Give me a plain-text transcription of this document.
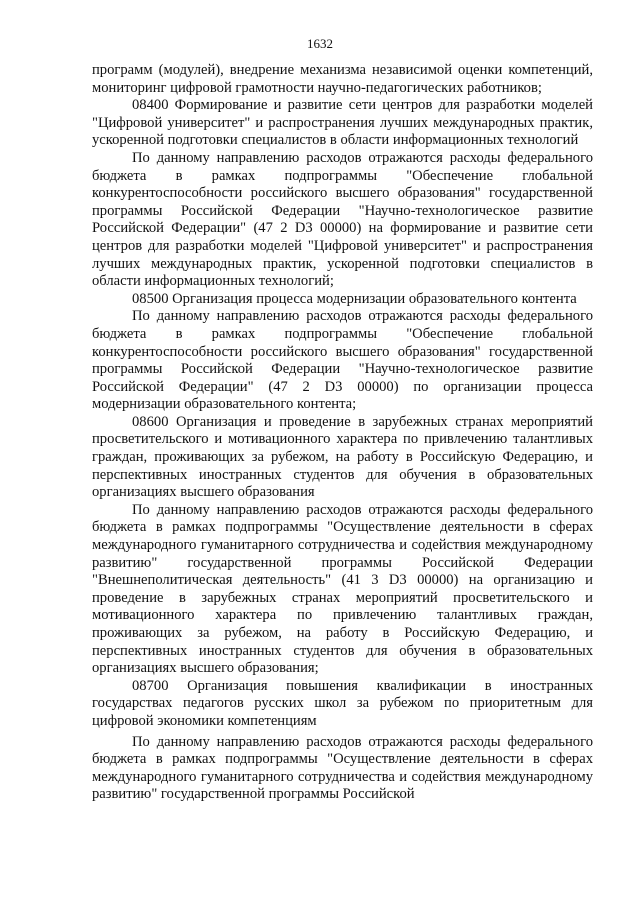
1632

программ (модулей), внедрение механизма независимой оценки компетенций, мониторинг цифровой грамотности научно-педагогических работников;

08400 Формирование и развитие сети центров для разработки моделей "Цифровой университет" и распространения лучших международных практик, ускоренной подготовки специалистов в области информационных технологий

По данному направлению расходов отражаются расходы федерального бюджета в рамках подпрограммы "Обеспечение глобальной конкурентоспособности российского высшего образования" государственной программы Российской Федерации "Научно-технологическое развитие Российской Федерации" (47 2 D3 00000) на формирование и развитие сети центров для разработки моделей "Цифровой университет" и распространения лучших международных практик, ускоренной подготовки специалистов в области информационных технологий;

08500 Организация процесса модернизации образовательного контента

По данному направлению расходов отражаются расходы федерального бюджета в рамках подпрограммы "Обеспечение глобальной конкурентоспособности российского высшего образования" государственной программы Российской Федерации "Научно-технологическое развитие Российской Федерации" (47 2 D3 00000) по организации процесса модернизации образовательного контента;

08600 Организация и проведение в зарубежных странах мероприятий просветительского и мотивационного характера по привлечению талантливых граждан, проживающих за рубежом, на работу в Российскую Федерацию, и перспективных иностранных студентов для обучения в образовательных организациях высшего образования

По данному направлению расходов отражаются расходы федерального бюджета в рамках подпрограммы "Осуществление деятельности в сферах международного гуманитарного сотрудничества и содействия международному развитию" государственной программы Российской Федерации "Внешнеполитическая деятельность" (41 3 D3 00000) на организацию и проведение в зарубежных странах мероприятий просветительского и мотивационного характера по привлечению талантливых граждан, проживающих за рубежом, на работу в Российскую Федерацию, и перспективных иностранных студентов для обучения в образовательных организациях высшего образования;

08700 Организация повышения квалификации в иностранных государствах педагогов русских школ за рубежом по приоритетным для цифровой экономики компетенциям

По данному направлению расходов отражаются расходы федерального бюджета в рамках подпрограммы "Осуществление деятельности в сферах международного гуманитарного сотрудничества и содействия международному развитию" государственной программы Российской
